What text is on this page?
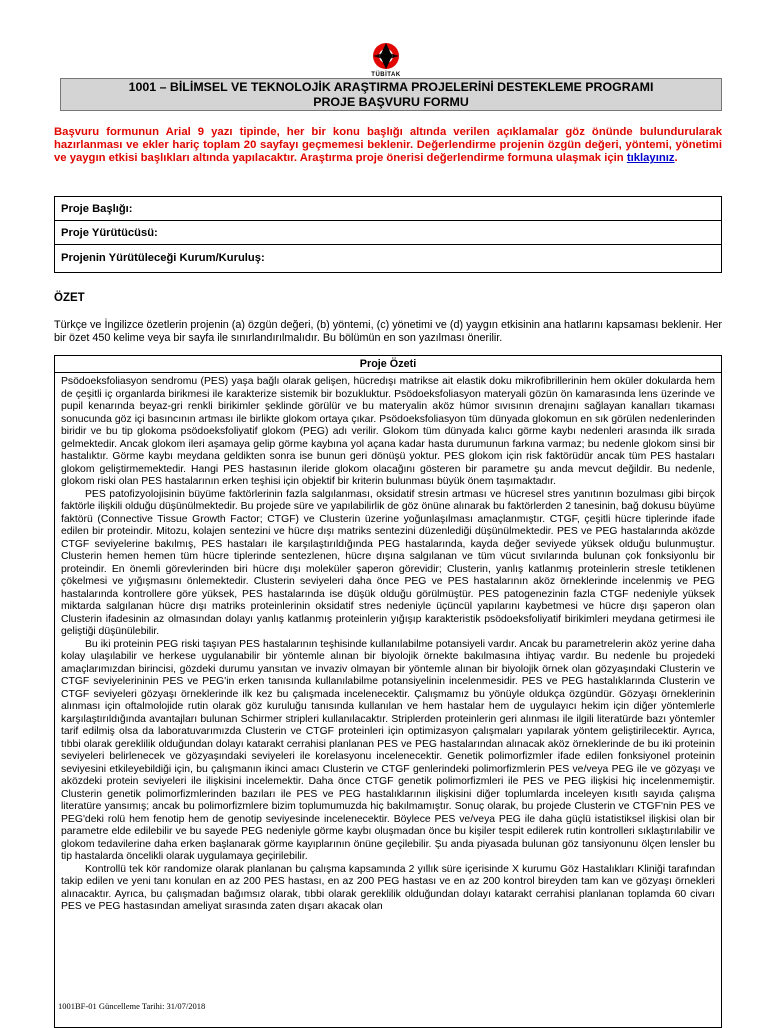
TÜBİTAK
1001 – BİLİMSEL VE TEKNOLOJİK ARAŞTIRMA PROJELERİNİ DESTEKLEME PROGRAMI
PROJE BAŞVURU FORMU
Başvuru formunun Arial 9 yazı tipinde, her bir konu başlığı altında verilen açıklamalar göz önünde bulundurularak hazırlanması ve ekler hariç toplam 20 sayfayı geçmemesi beklenir. Değerlendirme projenin özgün değeri, yöntemi, yönetimi ve yaygın etkisi başlıkları altında yapılacaktır. Araştırma proje önerisi değerlendirme formuna ulaşmak için tıklayınız.
Proje Başlığı:
Proje Yürütücüsü:
Projenin Yürütüleceği Kurum/Kuruluş:
ÖZET
Türkçe ve İngilizce özetlerin projenin (a) özgün değeri, (b) yöntemi, (c) yönetimi ve (d) yaygın etkisinin ana hatlarını kapsaması beklenir. Her bir özet 450 kelime veya bir sayfa ile sınırlandırılmalıdır. Bu bölümün en son yazılması önerilir.
Proje Özeti

Psödoeksfoliasyon sendromu (PES) yaşa bağlı olarak gelişen, hücredışı matrikse ait elastik doku mikrofibrillerinin hem oküler dokularda hem de çeşitli iç organlarda birikmesi ile karakterize sistemik bir bozukluktur. Psödoeksfoliasyon materyali gözün ön kamarasında lens üzerinde ve pupil kenarında beyaz-gri renkli birikimler şeklinde görülür ve bu materyalin aköz hümor sıvısının drenajını sağlayan kanalları tıkaması sonucunda göz içi basıncının artması ile birlikte glokom ortaya çıkar. Psödoeksfoliasyon tüm dünyada glokomun en sık görülen nedenlerinden biridir ve bu tip glokoma psödoeksfoliyatif glokom (PEG) adı verilir. Glokom tüm dünyada kalıcı görme kaybı nedenleri arasında ilk sırada gelmektedir. Ancak glokom ileri aşamaya gelip görme kaybına yol açana kadar hasta durumunun farkına varmaz; bu nedenle glokom sinsi bir hastalıktır. Görme kaybı meydana geldikten sonra ise bunun geri dönüşü yoktur. PES glokom için risk faktörüdür ancak tüm PES hastaları glokom geliştirmemektedir. Hangi PES hastasının ileride glokom olacağını gösteren bir parametre şu anda mevcut değildir. Bu nedenle, glokom riski olan PES hastalarının erken teşhisi için objektif bir kriterin bulunması büyük önem taşımaktadır.

PES patofizyolojisinin büyüme faktörlerinin fazla salgılanması, oksidatif stresin artması ve hücresel stres yanıtının bozulması gibi birçok faktörle ilişkili olduğu düşünülmektedir. Bu projede süre ve yapılabilirlik de göz önüne alınarak bu faktörlerden 2 tanesinin, bağ dokusu büyüme faktörü (Connective Tissue Growth Factor; CTGF) ve Clusterin üzerine yoğunlaşılması amaçlanmıştır. CTGF, çeşitli hücre tiplerinde ifade edilen bir proteindir. Mitozu, kolajen sentezini ve hücre dışı matriks sentezini düzenlediği düşünülmektedir. PES ve PEG hastalarında aközde CTGF seviyelerine bakılmış, PES hastaları ile karşılaştırıldığında PEG hastalarında, kayda değer seviyede yüksek olduğu bulunmuştur. Clusterin hemen hemen tüm hücre tiplerinde sentezlenen, hücre dışına salgılanan ve tüm vücut sıvılarında bulunan çok fonksiyonlu bir proteindir. En önemli görevlerinden biri hücre dışı moleküler şaperon görevidir; Clusterin, yanlış katlanmış proteinlerin stresle tetiklenen çökelmesi ve yığışmasını önlemektedir. Clusterin seviyeleri daha önce PEG ve PES hastalarının aköz örneklerinde incelenmiş ve PEG hastalarında kontrollere göre yüksek, PES hastalarında ise düşük olduğu görülmüştür. PES patogenezinin fazla CTGF nedeniyle yüksek miktarda salgılanan hücre dışı matriks proteinlerinin oksidatif stres nedeniyle üçüncül yapılarını kaybetmesi ve hücre dışı şaperon olan Clusterin ifadesinin az olmasından dolayı yanlış katlanmış proteinlerin yığışıp karakteristik psödoeksfoliyatif birikimleri meydana getirmesi ile geliştiği düşünülebilir.

Bu iki proteinin PEG riski taşıyan PES hastalarının teşhisinde kullanılabilme potansiyeli vardır. Ancak bu parametrelerin aköz yerine daha kolay ulaşılabilir ve herkese uygulanabilir bir yöntemle alınan bir biyolojik örnekte bakılmasına ihtiyaç vardır. Bu nedenle bu projedeki amaçlarımızdan birincisi, gözdeki durumu yansıtan ve invaziv olmayan bir yöntemle alınan bir biyolojik örnek olan gözyaşındaki Clusterin ve CTGF seviyelerininin PES ve PEG'in erken tanısında kullanılabilme potansiyelinin incelenmesidir. PES ve PEG hastalıklarında Clusterin ve CTGF seviyeleri gözyaşı örneklerinde ilk kez bu çalışmada incelenecektir. Çalışmamız bu yönüyle oldukça özgündür. Gözyaşı örneklerinin alınması için oftalmolojide rutin olarak göz kuruluğu tanısında kullanılan ve hem hastalar hem de uygulayıcı hekim için diğer yöntemlerle karşılaştırıldığında avantajları bulunan Schirmer stripleri kullanılacaktır. Striplerden proteinlerin geri alınması ile ilgili literatürde bazı yöntemler tarif edilmiş olsa da laboratuvarımızda Clusterin ve CTGF proteinleri için optimizasyon çalışmaları yapılarak yöntem geliştirilecektir. Ayrıca, tıbbi olarak gereklilik olduğundan dolayı katarakt cerrahisi planlanan PES ve PEG hastalarından alınacak aköz örneklerinde de bu iki proteinin seviyeleri belirlenecek ve gözyaşındaki seviyeleri ile korelasyonu incelenecektir. Genetik polimorfizmler ifade edilen fonksiyonel proteinin seviyesini etkileyebildiği için, bu çalışmanın ikinci amacı Clusterin ve CTGF genlerindeki polimorfizmlerin PES ve/veya PEG ile ve gözyaşı ve aközdeki protein seviyeleri ile ilişkisini incelemektir. Daha önce CTGF genetik polimorfizmleri ile PES ve PEG ilişkisi hiç incelenmemiştir. Clusterin genetik polimorfizmlerinden bazıları ile PES ve PEG hastalıklarının ilişkisini diğer toplumlarda inceleyen kısıtlı sayıda çalışma literatüre yansımış; ancak bu polimorfizmlere bizim toplumumuzda hiç bakılmamıştır. Sonuç olarak, bu projede Clusterin ve CTGF'nin PES ve PEG'deki rolü hem fenotip hem de genotip seviyesinde incelenecektir. Böylece PES ve/veya PEG ile daha güçlü istatistiksel ilişkisi olan bir parametre elde edilebilir ve bu sayede PEG nedeniyle görme kaybı oluşmadan önce bu kişiler tespit edilerek rutin kontrolleri sıklaştırılabilir ve glokom tedavilerine daha erken başlanarak görme kayıplarının önüne geçilebilir. Şu anda piyasada bulunan göz tansiyonunu ölçen lensler bu tip hastalarda öncelikli olarak uygulamaya geçirilebilir.

Kontrollü tek kör randomize olarak planlanan bu çalışma kapsamında 2 yıllık süre içerisinde X kurumu Göz Hastalıkları Kliniği tarafından takip edilen ve yeni tanı konulan en az 200 PES hastası, en az 200 PEG hastası ve en az 200 kontrol bireyden tam kan ve gözyaşı örnekleri alınacaktır. Ayrıca, bu çalışmadan bağımsız olarak, tıbbi olarak gereklilik olduğundan dolayı katarakt cerrahisi planlanan toplamda 60 civarı PES ve PEG hastasından ameliyat sırasında zaten dışarı akacak olan

1001BF-01 Güncelleme Tarihi: 31/07/2018
